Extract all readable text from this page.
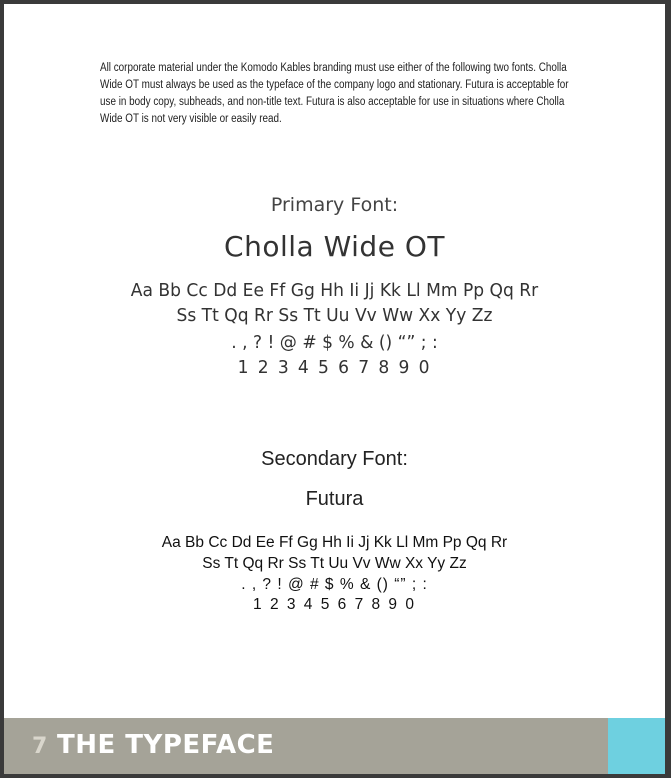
All corporate material under the Komodo Kables branding must use either of the following two fonts. Cholla Wide OT must always be used as the typeface of the company logo and stationary. Futura is acceptable for use in body copy, subheads, and non-title text. Futura is also acceptable for use in situations where Cholla Wide OT is not very visible or easily read.
Primary Font:
Cholla Wide OT
Aa Bb Cc Dd Ee Ff Gg Hh Ii Jj Kk Ll Mm Pp Qq Rr
Ss Tt Qq Rr Ss Tt Uu Vv Ww Xx Yy Zz
. , ? ! @ # $ % & () “” ; :
1 2 3 4 5 6 7 8 9 0
Secondary Font:
Futura
Aa Bb Cc Dd Ee Ff Gg Hh Ii Jj Kk Ll Mm Pp Qq Rr
Ss Tt Qq Rr Ss Tt Uu Vv Ww Xx Yy Zz
. , ? ! @ # $ % & () “” ; :
1 2 3 4 5 6 7 8 9 0
7 THE TYPEFACE
